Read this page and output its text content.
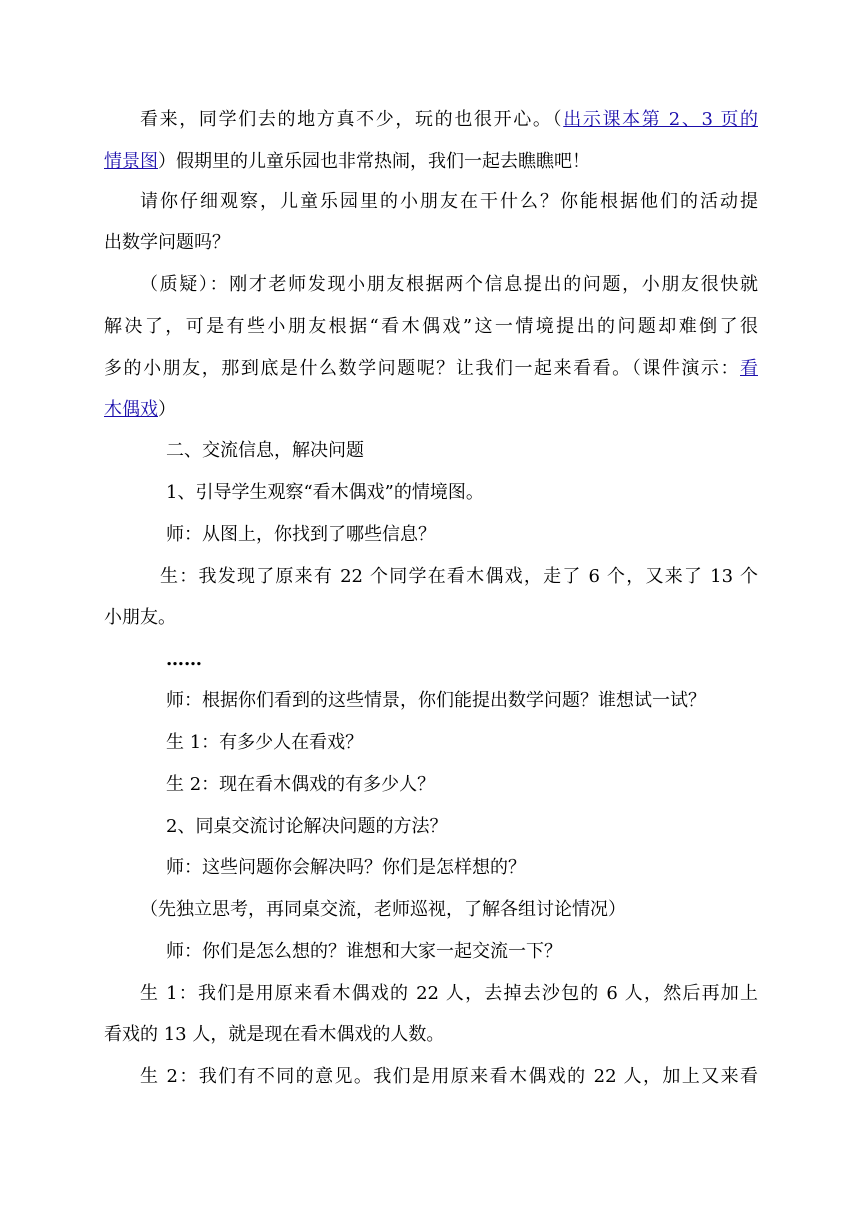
看来，同学们去的地方真不少，玩的也很开心。（出示课本第 2、3 页的
情景图）假期里的儿童乐园也非常热闹，我们一起去瞧瞧吧！
请你仔细观察，儿童乐园里的小朋友在干什么？你能根据他们的活动提
出数学问题吗？
（质疑）：刚才老师发现小朋友根据两个信息提出的问题，小朋友很快就
解决了，可是有些小朋友根据“看木偶戏”这一情境提出的问题却难倒了很
多的小朋友，那到底是什么数学问题呢？让我们一起来看看。（课件演示：看
木偶戏）
二、交流信息，解决问题
1、引导学生观察“看木偶戏”的情境图。
师：从图上，你找到了哪些信息？
生：我发现了原来有 22 个同学在看木偶戏，走了 6 个，又来了 13 个
小朋友。
……
师：根据你们看到的这些情景，你们能提出数学问题？谁想试一试？
生 1：有多少人在看戏？
生 2：现在看木偶戏的有多少人？
2、同桌交流讨论解决问题的方法？
师：这些问题你会解决吗？你们是怎样想的？
（先独立思考，再同桌交流，老师巡视，了解各组讨论情况）
师：你们是怎么想的？谁想和大家一起交流一下？
生 1：我们是用原来看木偶戏的 22 人，去掉去沙包的 6 人，然后再加上
看戏的 13 人，就是现在看木偶戏的人数。
生 2：我们有不同的意见。我们是用原来看木偶戏的 22 人，加上又来看
